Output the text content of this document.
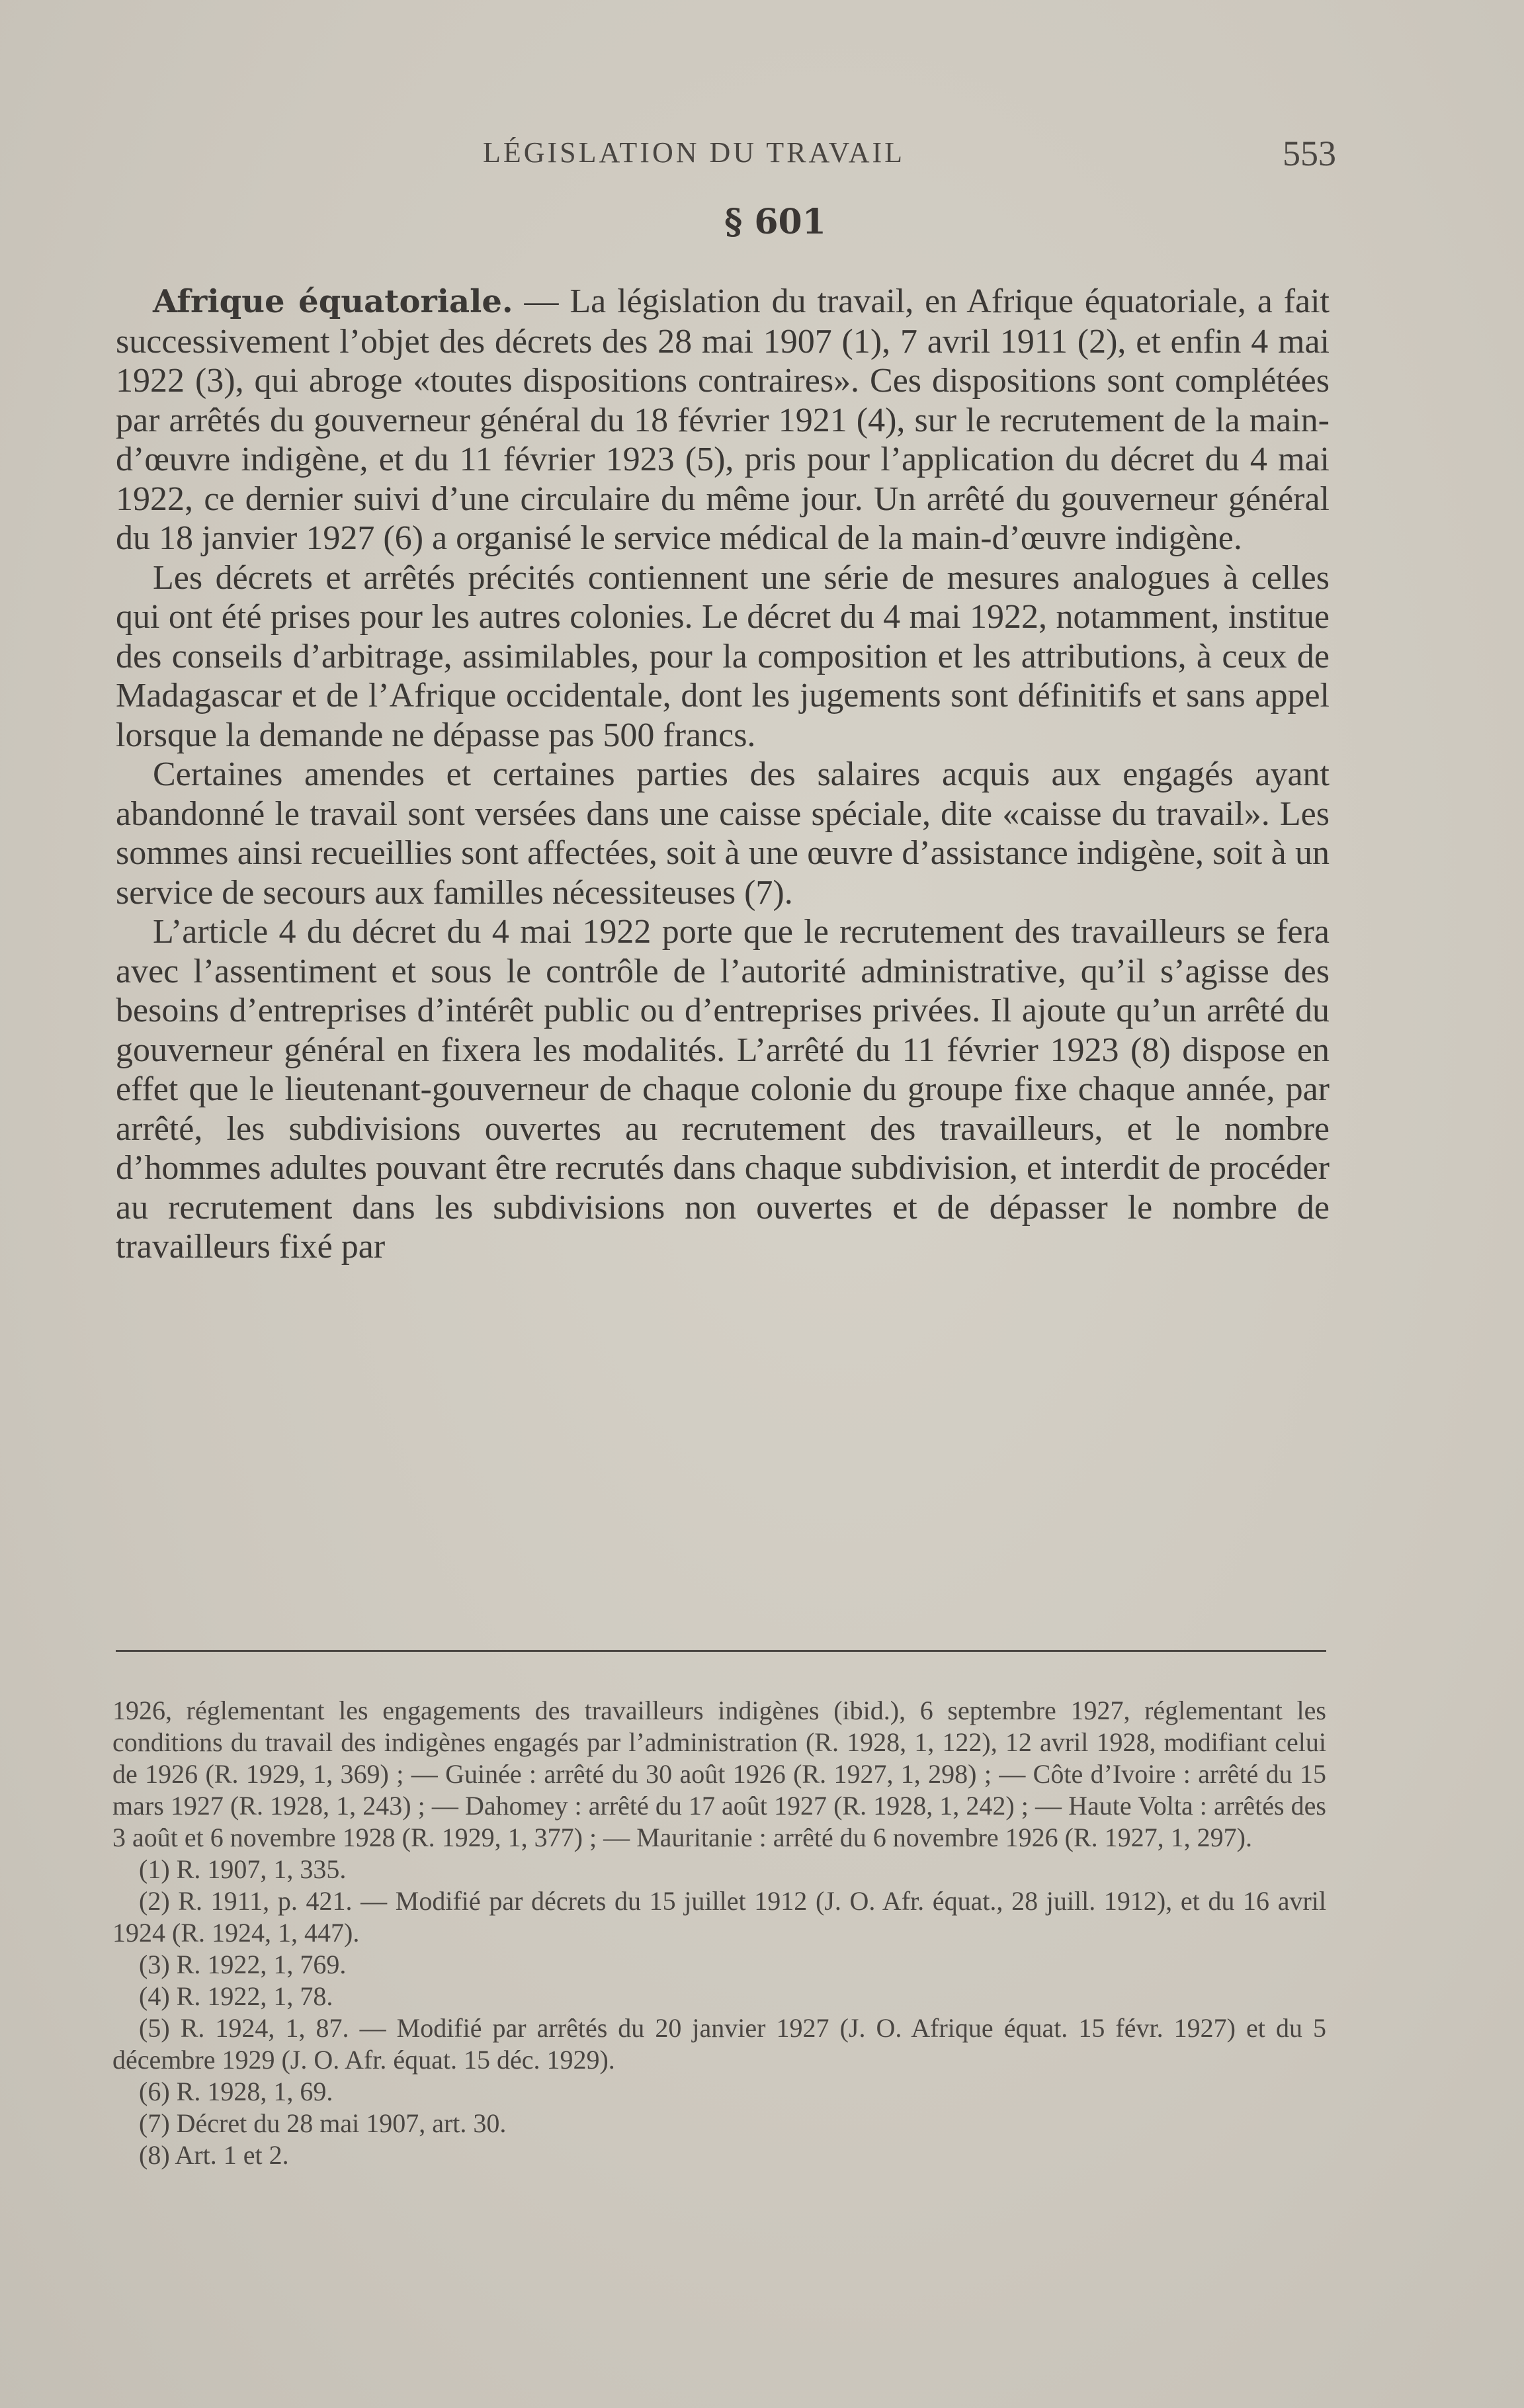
LÉGISLATION DU TRAVAIL	553
§ 601

Afrique équatoriale. — La législation du travail, en Afrique équatoriale, a fait successivement l’objet des décrets des 28 mai 1907 (1), 7 avril 1911 (2), et enfin 4 mai 1922 (3), qui abroge «toutes dispositions contraires». Ces dispositions sont complétées par arrêtés du gouverneur général du 18 février 1921 (4), sur le recrutement de la main-d’œuvre indigène, et du 11 février 1923 (5), pris pour l’application du décret du 4 mai 1922, ce dernier suivi d’une circulaire du même jour. Un arrêté du gouverneur général du 18 janvier 1927 (6) a organisé le service médical de la main-d’œuvre indigène.

Les décrets et arrêtés précités contiennent une série de mesures analogues à celles qui ont été prises pour les autres colonies. Le décret du 4 mai 1922, notamment, institue des conseils d’arbitrage, assimilables, pour la composition et les attributions, à ceux de Madagascar et de l’Afrique occidentale, dont les jugements sont définitifs et sans appel lorsque la demande ne dépasse pas 500 francs.

Certaines amendes et certaines parties des salaires acquis aux engagés ayant abandonné le travail sont versées dans une caisse spéciale, dite «caisse du travail». Les sommes ainsi recueillies sont affectées, soit à une œuvre d’assistance indigène, soit à un service de secours aux familles nécessiteuses (7).

L’article 4 du décret du 4 mai 1922 porte que le recrutement des travailleurs se fera avec l’assentiment et sous le contrôle de l’autorité administrative, qu’il s’agisse des besoins d’entreprises d’intérêt public ou d’entreprises privées. Il ajoute qu’un arrêté du gouverneur général en fixera les modalités. L’arrêté du 11 février 1923 (8) dispose en effet que le lieutenant-gouverneur de chaque colonie du groupe fixe chaque année, par arrêté, les subdivisions ouvertes au recrutement des travailleurs, et le nombre d’hommes adultes pouvant être recrutés dans chaque subdivision, et interdit de procéder au recrutement dans les subdivisions non ouvertes et de dépasser le nombre de travailleurs fixé par

1926, réglementant les engagements des travailleurs indigènes (ibid.), 6 septembre 1927, réglementant les conditions du travail des indigènes engagés par l’administration (R. 1928, 1, 122), 12 avril 1928, modifiant celui de 1926 (R. 1929, 1, 369) ; — Guinée : arrêté du 30 août 1926 (R. 1927, 1, 298) ; — Côte d’Ivoire : arrêté du 15 mars 1927 (R. 1928, 1, 243) ; — Dahomey : arrêté du 17 août 1927 (R. 1928, 1, 242) ; — Haute Volta : arrêtés des 3 août et 6 novembre 1928 (R. 1929, 1, 377) ; — Mauritanie : arrêté du 6 novembre 1926 (R. 1927, 1, 297).

(1) R. 1907, 1, 335.

(2) R. 1911, p. 421. — Modifié par décrets du 15 juillet 1912 (J. O. Afr. équat., 28 juill. 1912), et du 16 avril 1924 (R. 1924, 1, 447).

(3) R. 1922, 1, 769.

(4) R. 1922, 1, 78.

(5) R. 1924, 1, 87. — Modifié par arrêtés du 20 janvier 1927 (J. O. Afrique équat. 15 févr. 1927) et du 5 décembre 1929 (J. O. Afr. équat. 15 déc. 1929).

(6) R. 1928, 1, 69.

(7) Décret du 28 mai 1907, art. 30.

(8) Art. 1 et 2.
